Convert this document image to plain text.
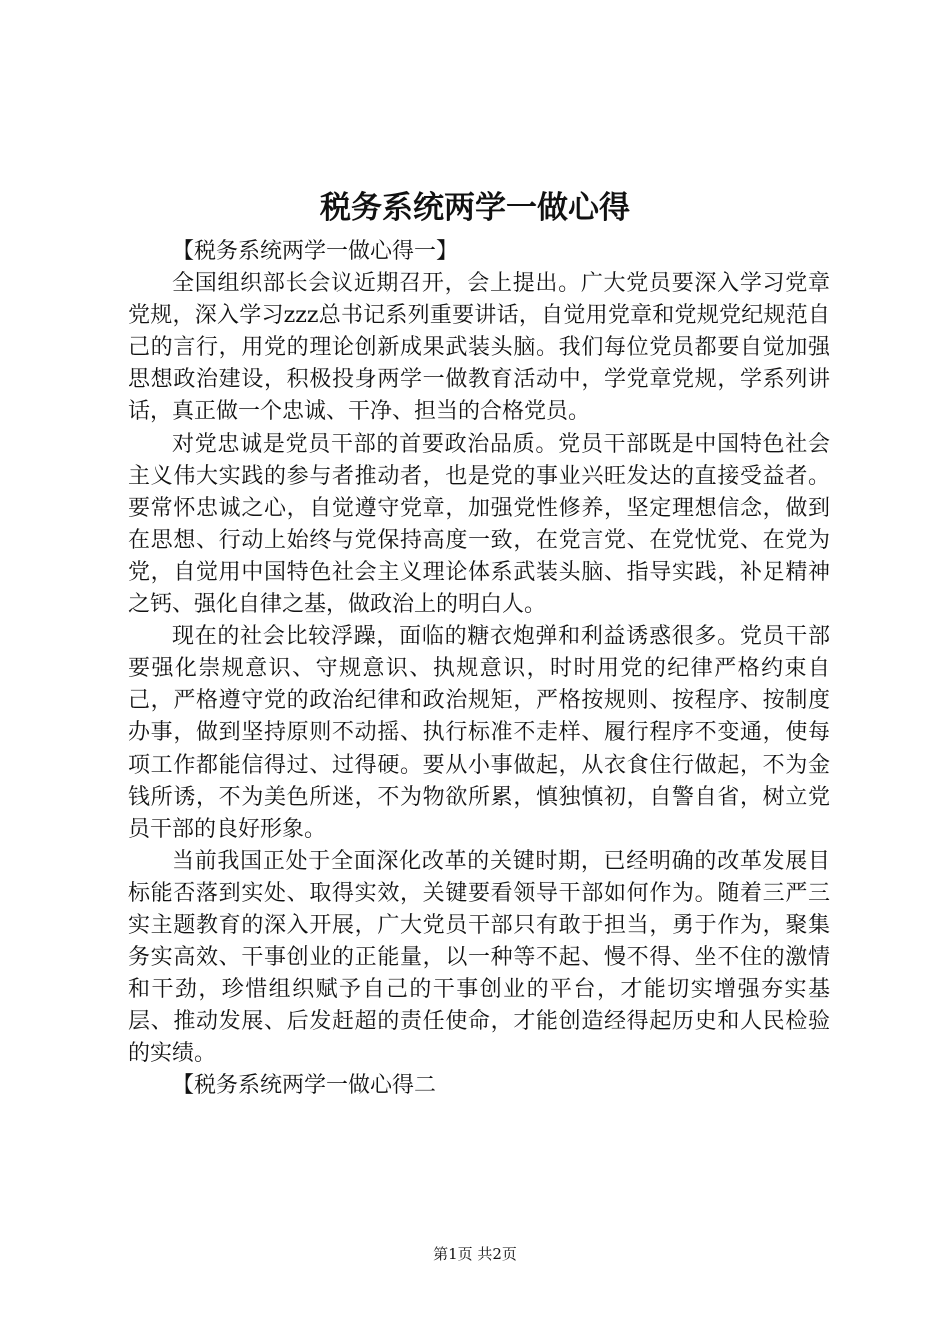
税务系统两学一做心得

【税务系统两学一做心得一】

全国组织部长会议近期召开，会上提出。广大党员要深入学习党章党规，深入学习zzz总书记系列重要讲话，自觉用党章和党规党纪规范自己的言行，用党的理论创新成果武装头脑。我们每位党员都要自觉加强思想政治建设，积极投身两学一做教育活动中，学党章党规，学系列讲话，真正做一个忠诚、干净、担当的合格党员。

对党忠诚是党员干部的首要政治品质。党员干部既是中国特色社会主义伟大实践的参与者推动者，也是党的事业兴旺发达的直接受益者。要常怀忠诚之心，自觉遵守党章，加强党性修养，坚定理想信念，做到在思想、行动上始终与党保持高度一致，在党言党、在党忧党、在党为党，自觉用中国特色社会主义理论体系武装头脑、指导实践，补足精神之钙、强化自律之基，做政治上的明白人。

现在的社会比较浮躁，面临的糖衣炮弹和利益诱惑很多。党员干部要强化崇规意识、守规意识、执规意识，时时用党的纪律严格约束自己，严格遵守党的政治纪律和政治规矩，严格按规则、按程序、按制度办事，做到坚持原则不动摇、执行标准不走样、履行程序不变通，使每项工作都能信得过、过得硬。要从小事做起，从衣食住行做起，不为金钱所诱，不为美色所迷，不为物欲所累，慎独慎初，自警自省，树立党员干部的良好形象。

当前我国正处于全面深化改革的关键时期，已经明确的改革发展目标能否落到实处、取得实效，关键要看领导干部如何作为。随着三严三实主题教育的深入开展，广大党员干部只有敢于担当，勇于作为，聚集务实高效、干事创业的正能量，以一种等不起、慢不得、坐不住的激情和干劲，珍惜组织赋予自己的干事创业的平台，才能切实增强夯实基层、推动发展、后发赶超的责任使命，才能创造经得起历史和人民检验的实绩。

【税务系统两学一做心得二

第1页 共2页
